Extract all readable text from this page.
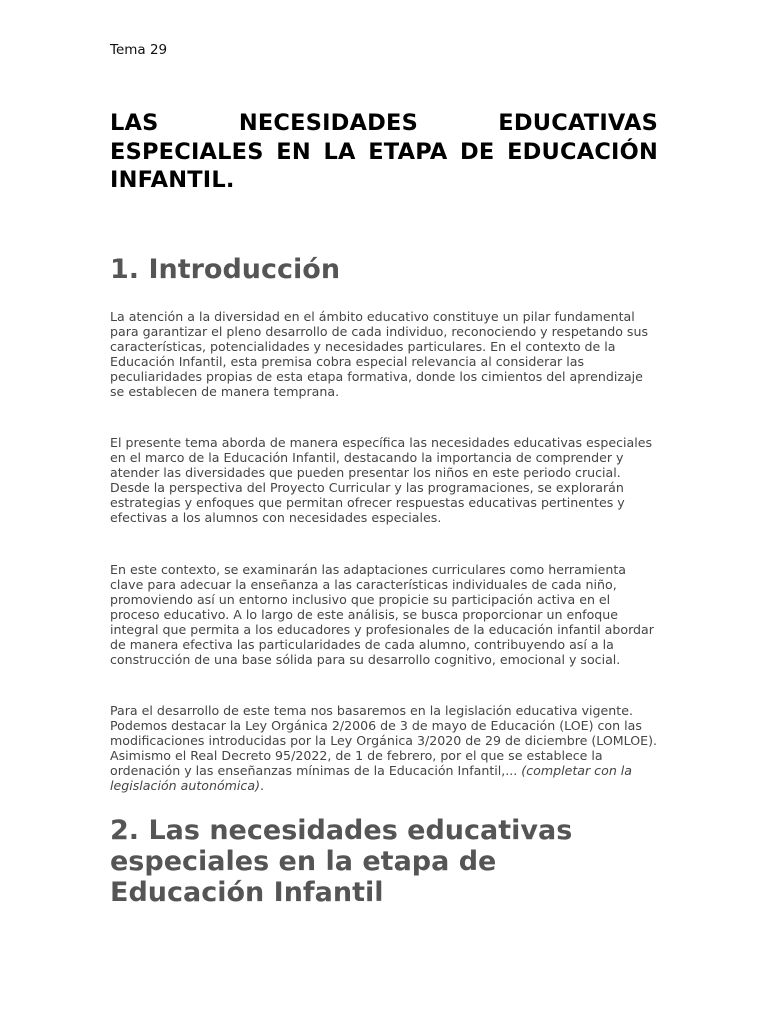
Tema 29
LAS NECESIDADES EDUCATIVAS ESPECIALES EN LA ETAPA DE EDUCACIÓN INFANTIL.
1. Introducción

La atención a la diversidad en el ámbito educativo constituye un pilar fundamental para garantizar el pleno desarrollo de cada individuo, reconociendo y respetando sus características, potencialidades y necesidades particulares. En el contexto de la Educación Infantil, esta premisa cobra especial relevancia al considerar las peculiaridades propias de esta etapa formativa, donde los cimientos del aprendizaje se establecen de manera temprana.

El presente tema aborda de manera específica las necesidades educativas especiales en el marco de la Educación Infantil, destacando la importancia de comprender y atender las diversidades que pueden presentar los niños en este periodo crucial. Desde la perspectiva del Proyecto Curricular y las programaciones, se explorarán estrategias y enfoques que permitan ofrecer respuestas educativas pertinentes y efectivas a los alumnos con necesidades especiales.

En este contexto, se examinarán las adaptaciones curriculares como herramienta clave para adecuar la enseñanza a las características individuales de cada niño, promoviendo así un entorno inclusivo que propicie su participación activa en el proceso educativo. A lo largo de este análisis, se busca proporcionar un enfoque integral que permita a los educadores y profesionales de la educación infantil abordar de manera efectiva las particularidades de cada alumno, contribuyendo así a la construcción de una base sólida para su desarrollo cognitivo, emocional y social.

Para el desarrollo de este tema nos basaremos en la legislación educativa vigente. Podemos destacar la Ley Orgánica 2/2006 de 3 de mayo de Educación (LOE) con las modificaciones introducidas por la Ley Orgánica 3/2020 de 29 de diciembre (LOMLOE). Asimismo el Real Decreto 95/2022, de 1 de febrero, por el que se establece la ordenación y las enseñanzas mínimas de la Educación Infantil,... (completar con la legislación autonómica).

2. Las necesidades educativas especiales en la etapa de Educación Infantil
